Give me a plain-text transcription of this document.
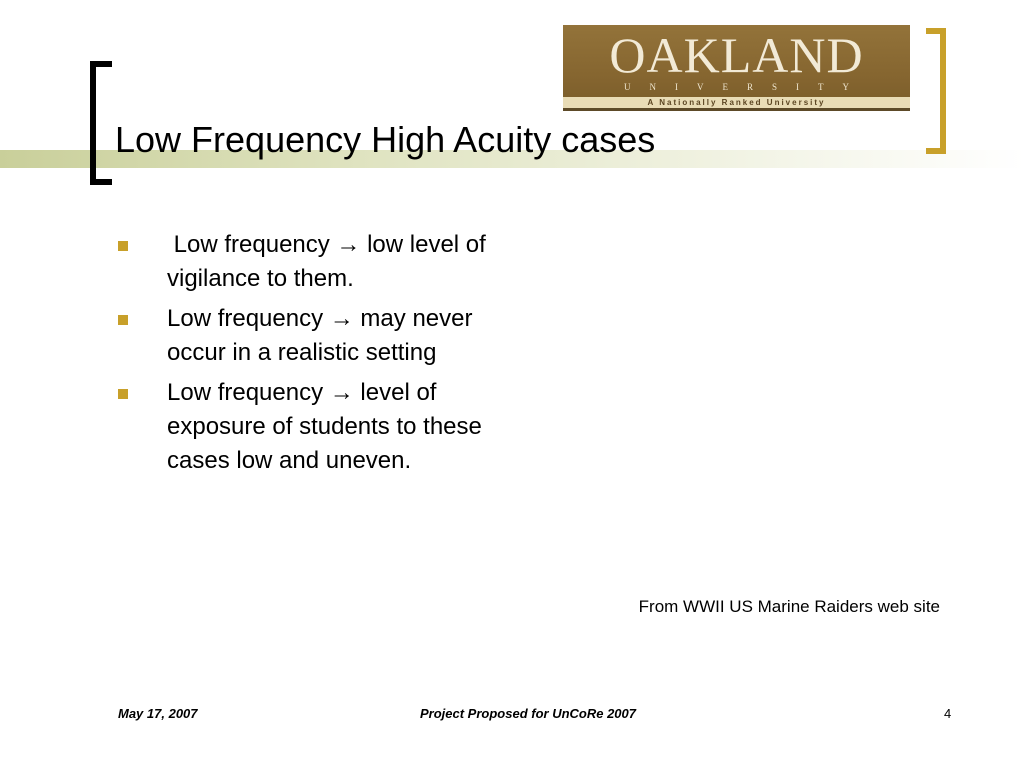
OAKLAND
UNIVERSITY
A Nationally Ranked University
Low Frequency High Acuity cases
Low frequency → low level of vigilance to them.
Low frequency → may never occur in a realistic setting
Low frequency → level of exposure of students to these cases low and uneven.
From WWII US Marine Raiders web site
May 17, 2007	Project Proposed for UnCoRe 2007	4
